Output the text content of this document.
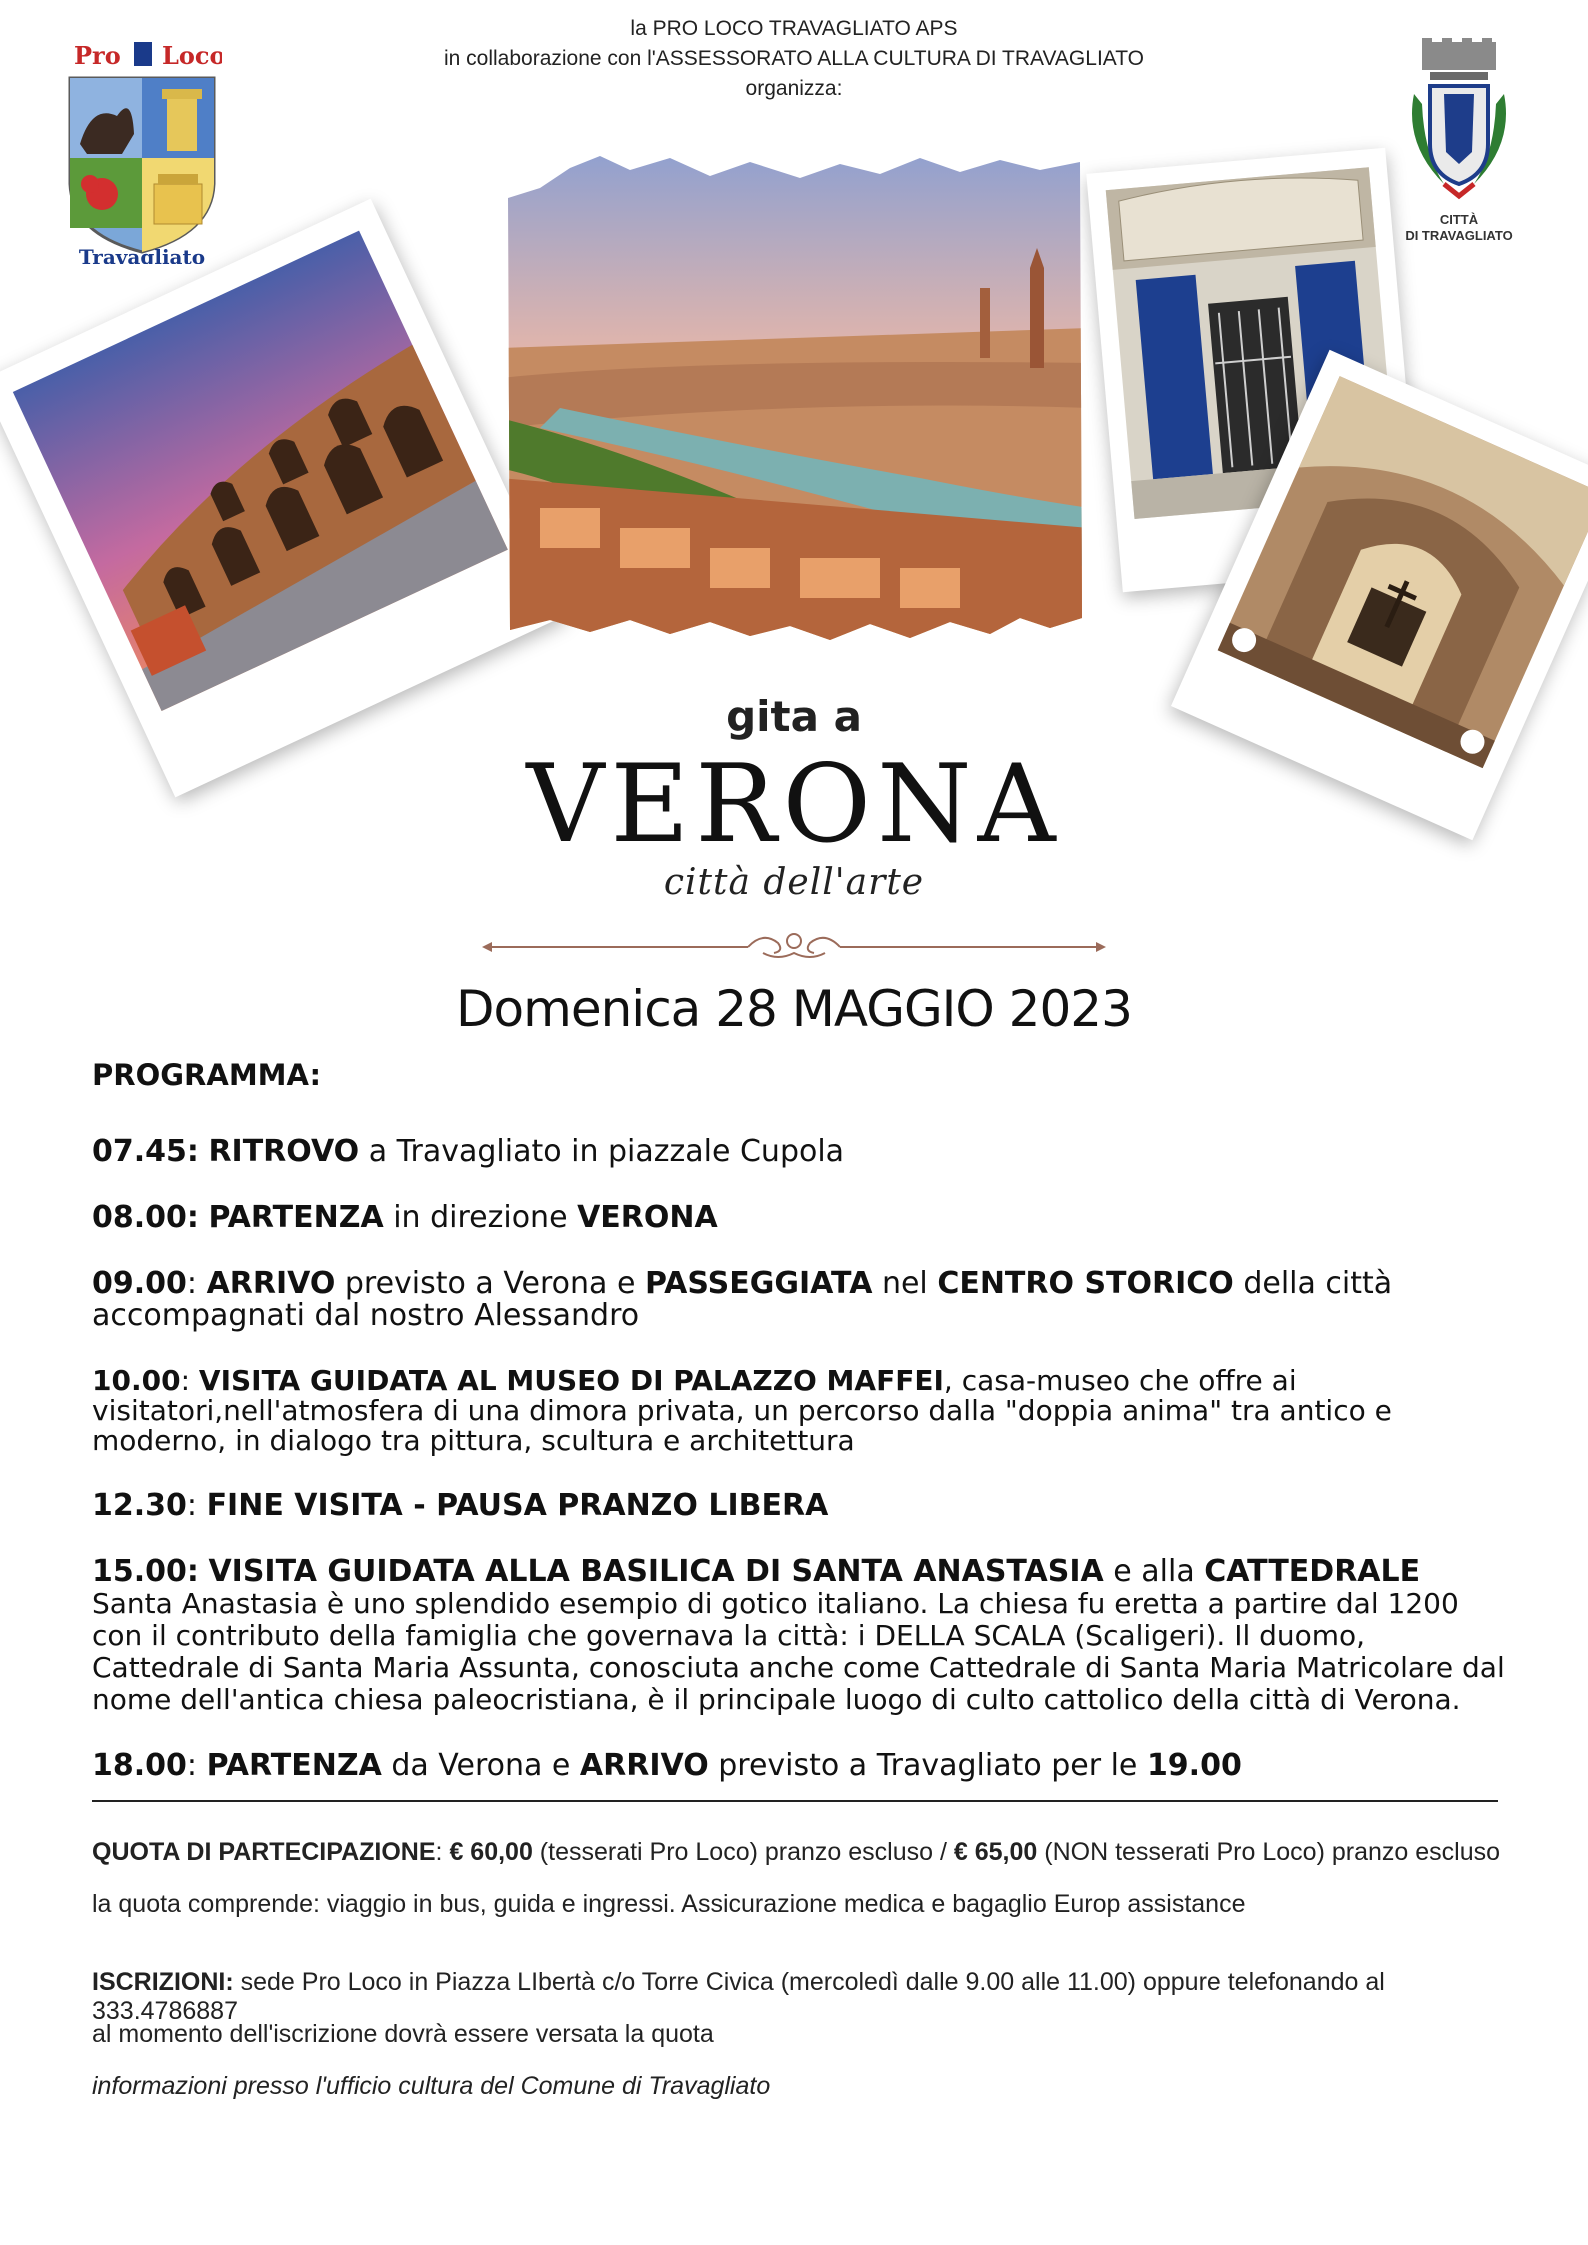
la PRO LOCO TRAVAGLIATO APS
in collaborazione con l'ASSESSORATO ALLA CULTURA DI TRAVAGLIATO
organizza:
Pro Loco
Travagliato
CITTÀ
DI TRAVAGLIATO
gita a
VERONA
città dell'arte
Domenica 28 MAGGIO 2023
PROGRAMMA:

07.45: RITROVO a Travagliato in piazzale Cupola

08.00: PARTENZA in direzione VERONA

09.00: ARRIVO previsto a Verona e PASSEGGIATA nel CENTRO STORICO della città accompagnati dal nostro Alessandro

10.00: VISITA GUIDATA AL MUSEO DI PALAZZO MAFFEI, casa-museo che offre ai visitatori,nell'atmosfera di una dimora privata, un percorso dalla "doppia anima" tra antico e moderno, in dialogo tra pittura, scultura e architettura

12.30: FINE VISITA - PAUSA PRANZO LIBERA

15.00: VISITA GUIDATA ALLA BASILICA DI SANTA ANASTASIA e alla CATTEDRALE
Santa Anastasia è uno splendido esempio di gotico italiano. La chiesa fu eretta a partire dal 1200 con il contributo della famiglia che governava la città: i DELLA SCALA (Scaligeri). Il duomo, Cattedrale di Santa Maria Assunta, conosciuta anche come Cattedrale di Santa Maria Matricolare dal nome dell'antica chiesa paleocristiana, è il principale luogo di culto cattolico della città di Verona.

18.00: PARTENZA da Verona e ARRIVO previsto a Travagliato per le 19.00

QUOTA DI PARTECIPAZIONE: € 60,00 (tesserati Pro Loco) pranzo escluso / € 65,00 (NON tesserati Pro Loco) pranzo escluso
la quota comprende: viaggio in bus, guida e ingressi. Assicurazione medica e bagaglio Europ assistance
ISCRIZIONI: sede Pro Loco in Piazza LIbertà c/o Torre Civica (mercoledì dalle 9.00 alle 11.00) oppure telefonando al 333.4786887
al momento dell'iscrizione dovrà essere versata la quota
informazioni presso l'ufficio cultura del Comune di Travagliato
